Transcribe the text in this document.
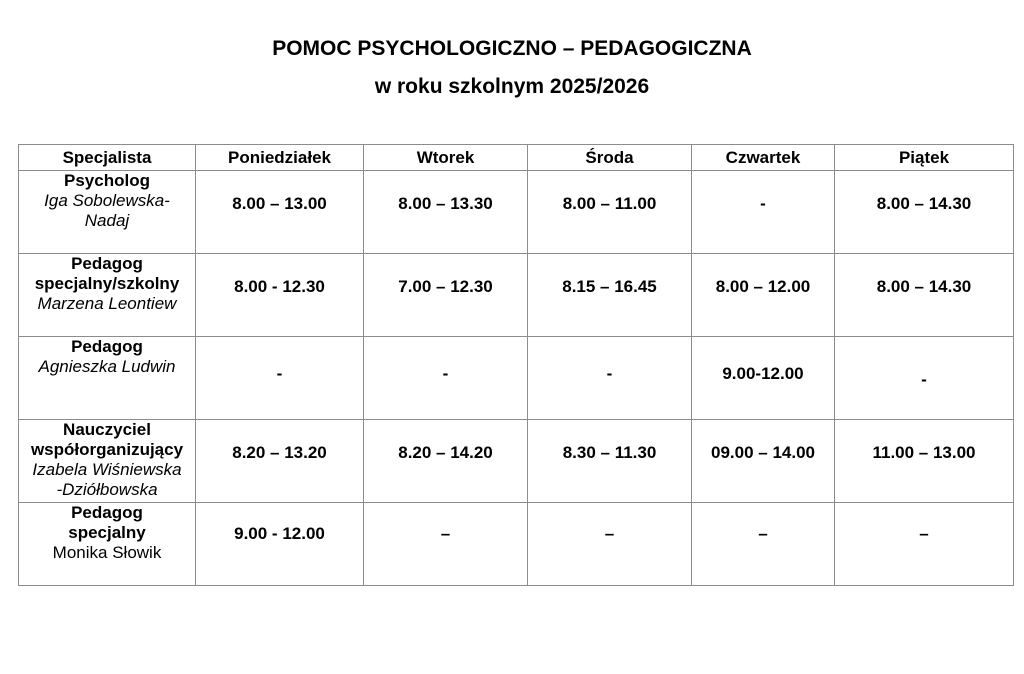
POMOC PSYCHOLOGICZNO – PEDAGOGICZNA
w roku szkolnym 2025/2026
Specjalista	Poniedziałek	Wtorek	Środa	Czwartek	Piątek

Psycholog
Iga Sobolewska-
Nadaj	8.00 – 13.00	8.00 – 13.30	8.00 – 11.00	-	8.00 – 14.30

Pedagog
specjalny/szkolny
Marzena Leontiew	8.00 - 12.30	7.00 – 12.30	8.15 – 16.45	8.00 – 12.00	8.00 – 14.30

Pedagog
Agnieszka Ludwin	-	-	-	9.00-12.00	-

Nauczyciel
współorganizujący
Izabela Wiśniewska
-Dziółbowska	8.20 – 13.20	8.20 – 14.20	8.30 – 11.30	09.00 – 14.00	11.00 – 13.00

Pedagog
specjalny
Monika Słowik	9.00 - 12.00	–	–	–	–
